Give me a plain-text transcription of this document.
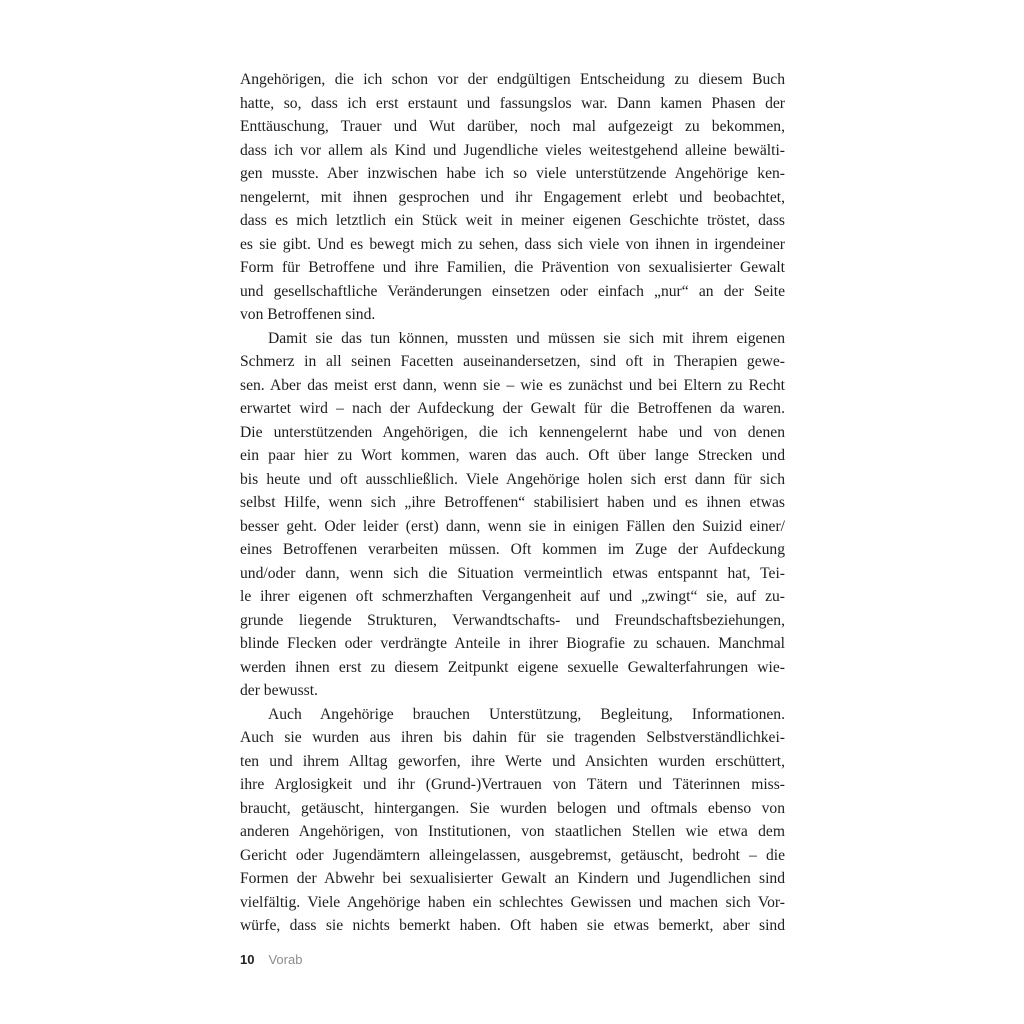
Angehörigen, die ich schon vor der endgültigen Entscheidung zu diesem Buch
hatte, so, dass ich erst erstaunt und fassungslos war. Dann kamen Phasen der
Enttäuschung, Trauer und Wut darüber, noch mal aufgezeigt zu bekommen,
dass ich vor allem als Kind und Jugendliche vieles weitestgehend alleine bewälti-
gen musste. Aber inzwischen habe ich so viele unterstützende Angehörige ken-
nengelernt, mit ihnen gesprochen und ihr Engagement erlebt und beobachtet,
dass es mich letztlich ein Stück weit in meiner eigenen Geschichte tröstet, dass
es sie gibt. Und es bewegt mich zu sehen, dass sich viele von ihnen in irgendeiner
Form für Betroffene und ihre Familien, die Prävention von sexualisierter Gewalt
und gesellschaftliche Veränderungen einsetzen oder einfach „nur“ an der Seite
von Betroffenen sind.

Damit sie das tun können, mussten und müssen sie sich mit ihrem eigenen
Schmerz in all seinen Facetten auseinandersetzen, sind oft in Therapien gewe-
sen. Aber das meist erst dann, wenn sie – wie es zunächst und bei Eltern zu Recht
erwartet wird – nach der Aufdeckung der Gewalt für die Betroffenen da waren.
Die unterstützenden Angehörigen, die ich kennengelernt habe und von denen
ein paar hier zu Wort kommen, waren das auch. Oft über lange Strecken und
bis heute und oft ausschließlich. Viele Angehörige holen sich erst dann für sich
selbst Hilfe, wenn sich „ihre Betroffenen“ stabilisiert haben und es ihnen etwas
besser geht. Oder leider (erst) dann, wenn sie in einigen Fällen den Suizid einer/
eines Betroffenen verarbeiten müssen. Oft kommen im Zuge der Aufdeckung
und/oder dann, wenn sich die Situation vermeintlich etwas entspannt hat, Tei-
le ihrer eigenen oft schmerzhaften Vergangenheit auf und „zwingt“ sie, auf zu-
grunde liegende Strukturen, Verwandtschafts- und Freundschaftsbeziehungen,
blinde Flecken oder verdrängte Anteile in ihrer Biografie zu schauen. Manchmal
werden ihnen erst zu diesem Zeitpunkt eigene sexuelle Gewalterfahrungen wie-
der bewusst.

Auch Angehörige brauchen Unterstützung, Begleitung, Informationen.
Auch sie wurden aus ihren bis dahin für sie tragenden Selbstverständlichkei-
ten und ihrem Alltag geworfen, ihre Werte und Ansichten wurden erschüttert,
ihre Arglosigkeit und ihr (Grund-)Vertrauen von Tätern und Täterinnen miss-
braucht, getäuscht, hintergangen. Sie wurden belogen und oftmals ebenso von
anderen Angehörigen, von Institutionen, von staatlichen Stellen wie etwa dem
Gericht oder Jugendämtern alleingelassen, ausgebremst, getäuscht, bedroht – die
Formen der Abwehr bei sexualisierter Gewalt an Kindern und Jugendlichen sind
vielfältig. Viele Angehörige haben ein schlechtes Gewissen und machen sich Vor-
würfe, dass sie nichts bemerkt haben. Oft haben sie etwas bemerkt, aber sind

10 Vorab
